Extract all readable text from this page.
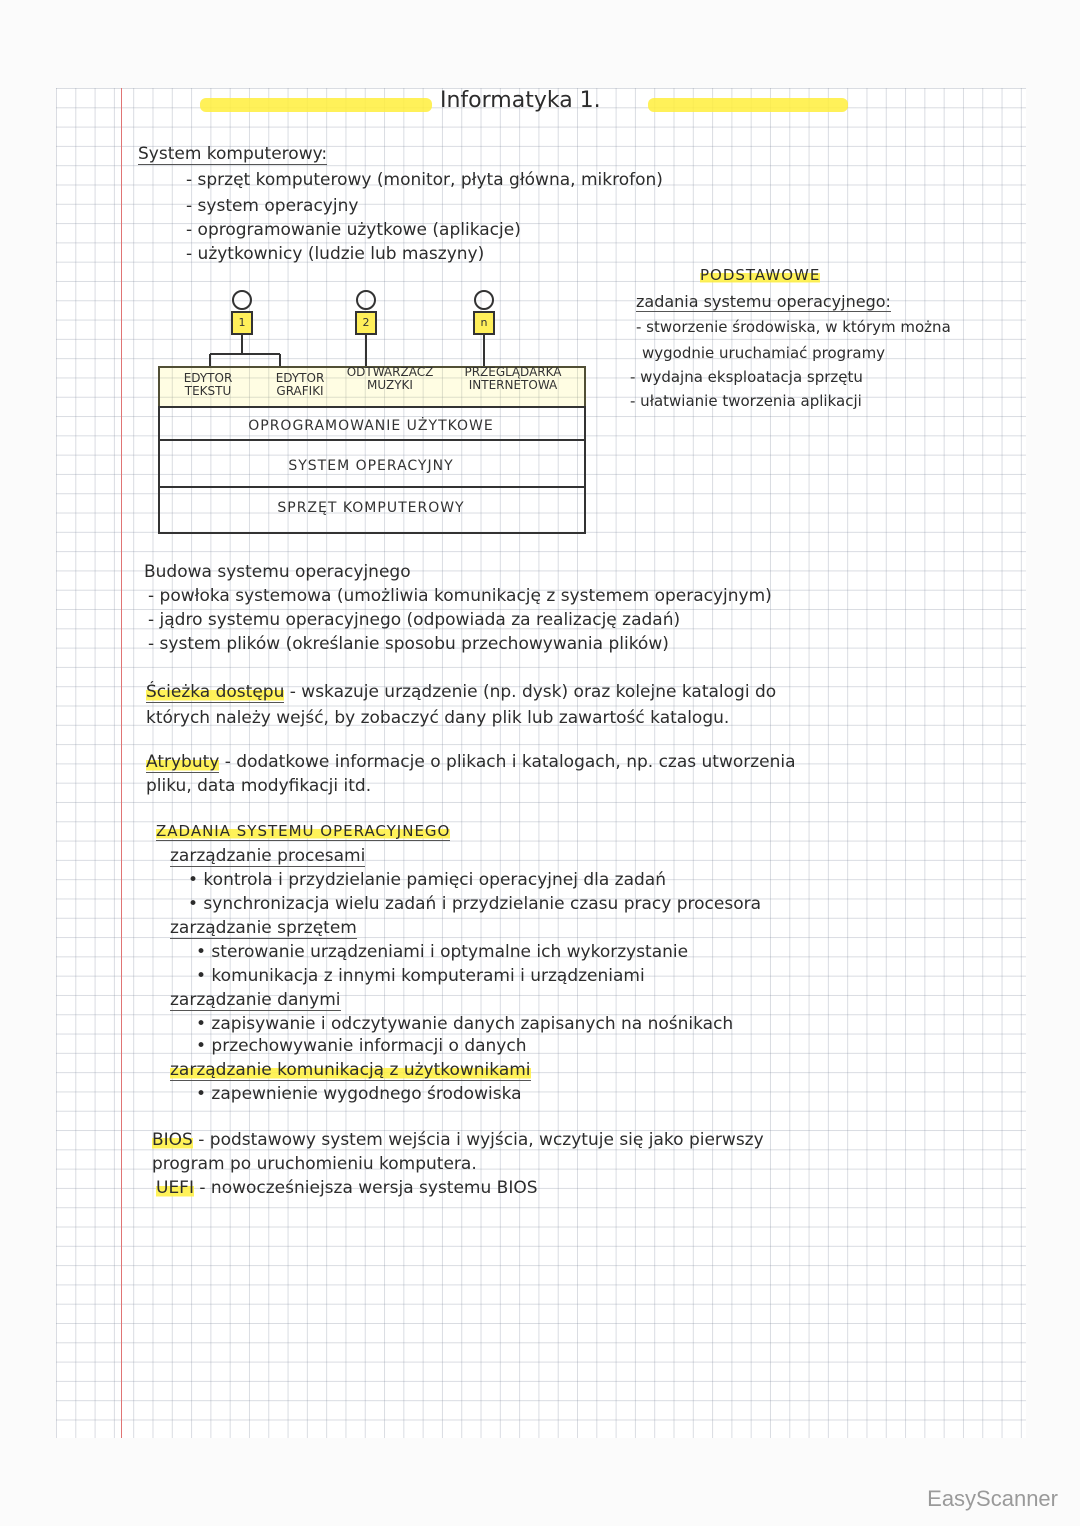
Informatyka 1.
System komputerowy:
- sprzęt komputerowy (monitor, płyta główna, mikrofon)
- system operacyjny
- oprogramowanie użytkowe (aplikacje)
- użytkownicy (ludzie lub maszyny)
1	2	n
EDYTOR
TEKSTU
EDYTOR
GRAFIKI
ODTWARZACZ
MUZYKI
PRZEGLĄDARKA
INTERNETOWA
OPROGRAMOWANIE UŻYTKOWE
SYSTEM OPERACYJNY
SPRZĘT KOMPUTEROWY
PODSTAWOWE
zadania systemu operacyjnego:
- stworzenie środowiska, w którym można
wygodnie uruchamiać programy
- wydajna eksploatacja sprzętu
- ułatwianie tworzenia aplikacji
Budowa systemu operacyjnego
- powłoka systemowa (umożliwia komunikację z systemem operacyjnym)
- jądro systemu operacyjnego (odpowiada za realizację zadań)
- system plików (określanie sposobu przechowywania plików)
Ścieżka dostępu - wskazuje urządzenie (np. dysk) oraz kolejne katalogi do
których należy wejść, by zobaczyć dany plik lub zawartość katalogu.
Atrybuty - dodatkowe informacje o plikach i katalogach, np. czas utworzenia
pliku, data modyfikacji itd.
ZADANIA SYSTEMU OPERACYJNEGO
zarządzanie procesami
• kontrola i przydzielanie pamięci operacyjnej dla zadań
• synchronizacja wielu zadań i przydzielanie czasu pracy procesora
zarządzanie sprzętem
• sterowanie urządzeniami i optymalne ich wykorzystanie
• komunikacja z innymi komputerami i urządzeniami
zarządzanie danymi
• zapisywanie i odczytywanie danych zapisanych na nośnikach
• przechowywanie informacji o danych
zarządzanie komunikacją z użytkownikami
• zapewnienie wygodnego środowiska
BIOS - podstawowy system wejścia i wyjścia, wczytuje się jako pierwszy
program po uruchomieniu komputera.
UEFI - nowocześniejsza wersja systemu BIOS
EasyScanner
